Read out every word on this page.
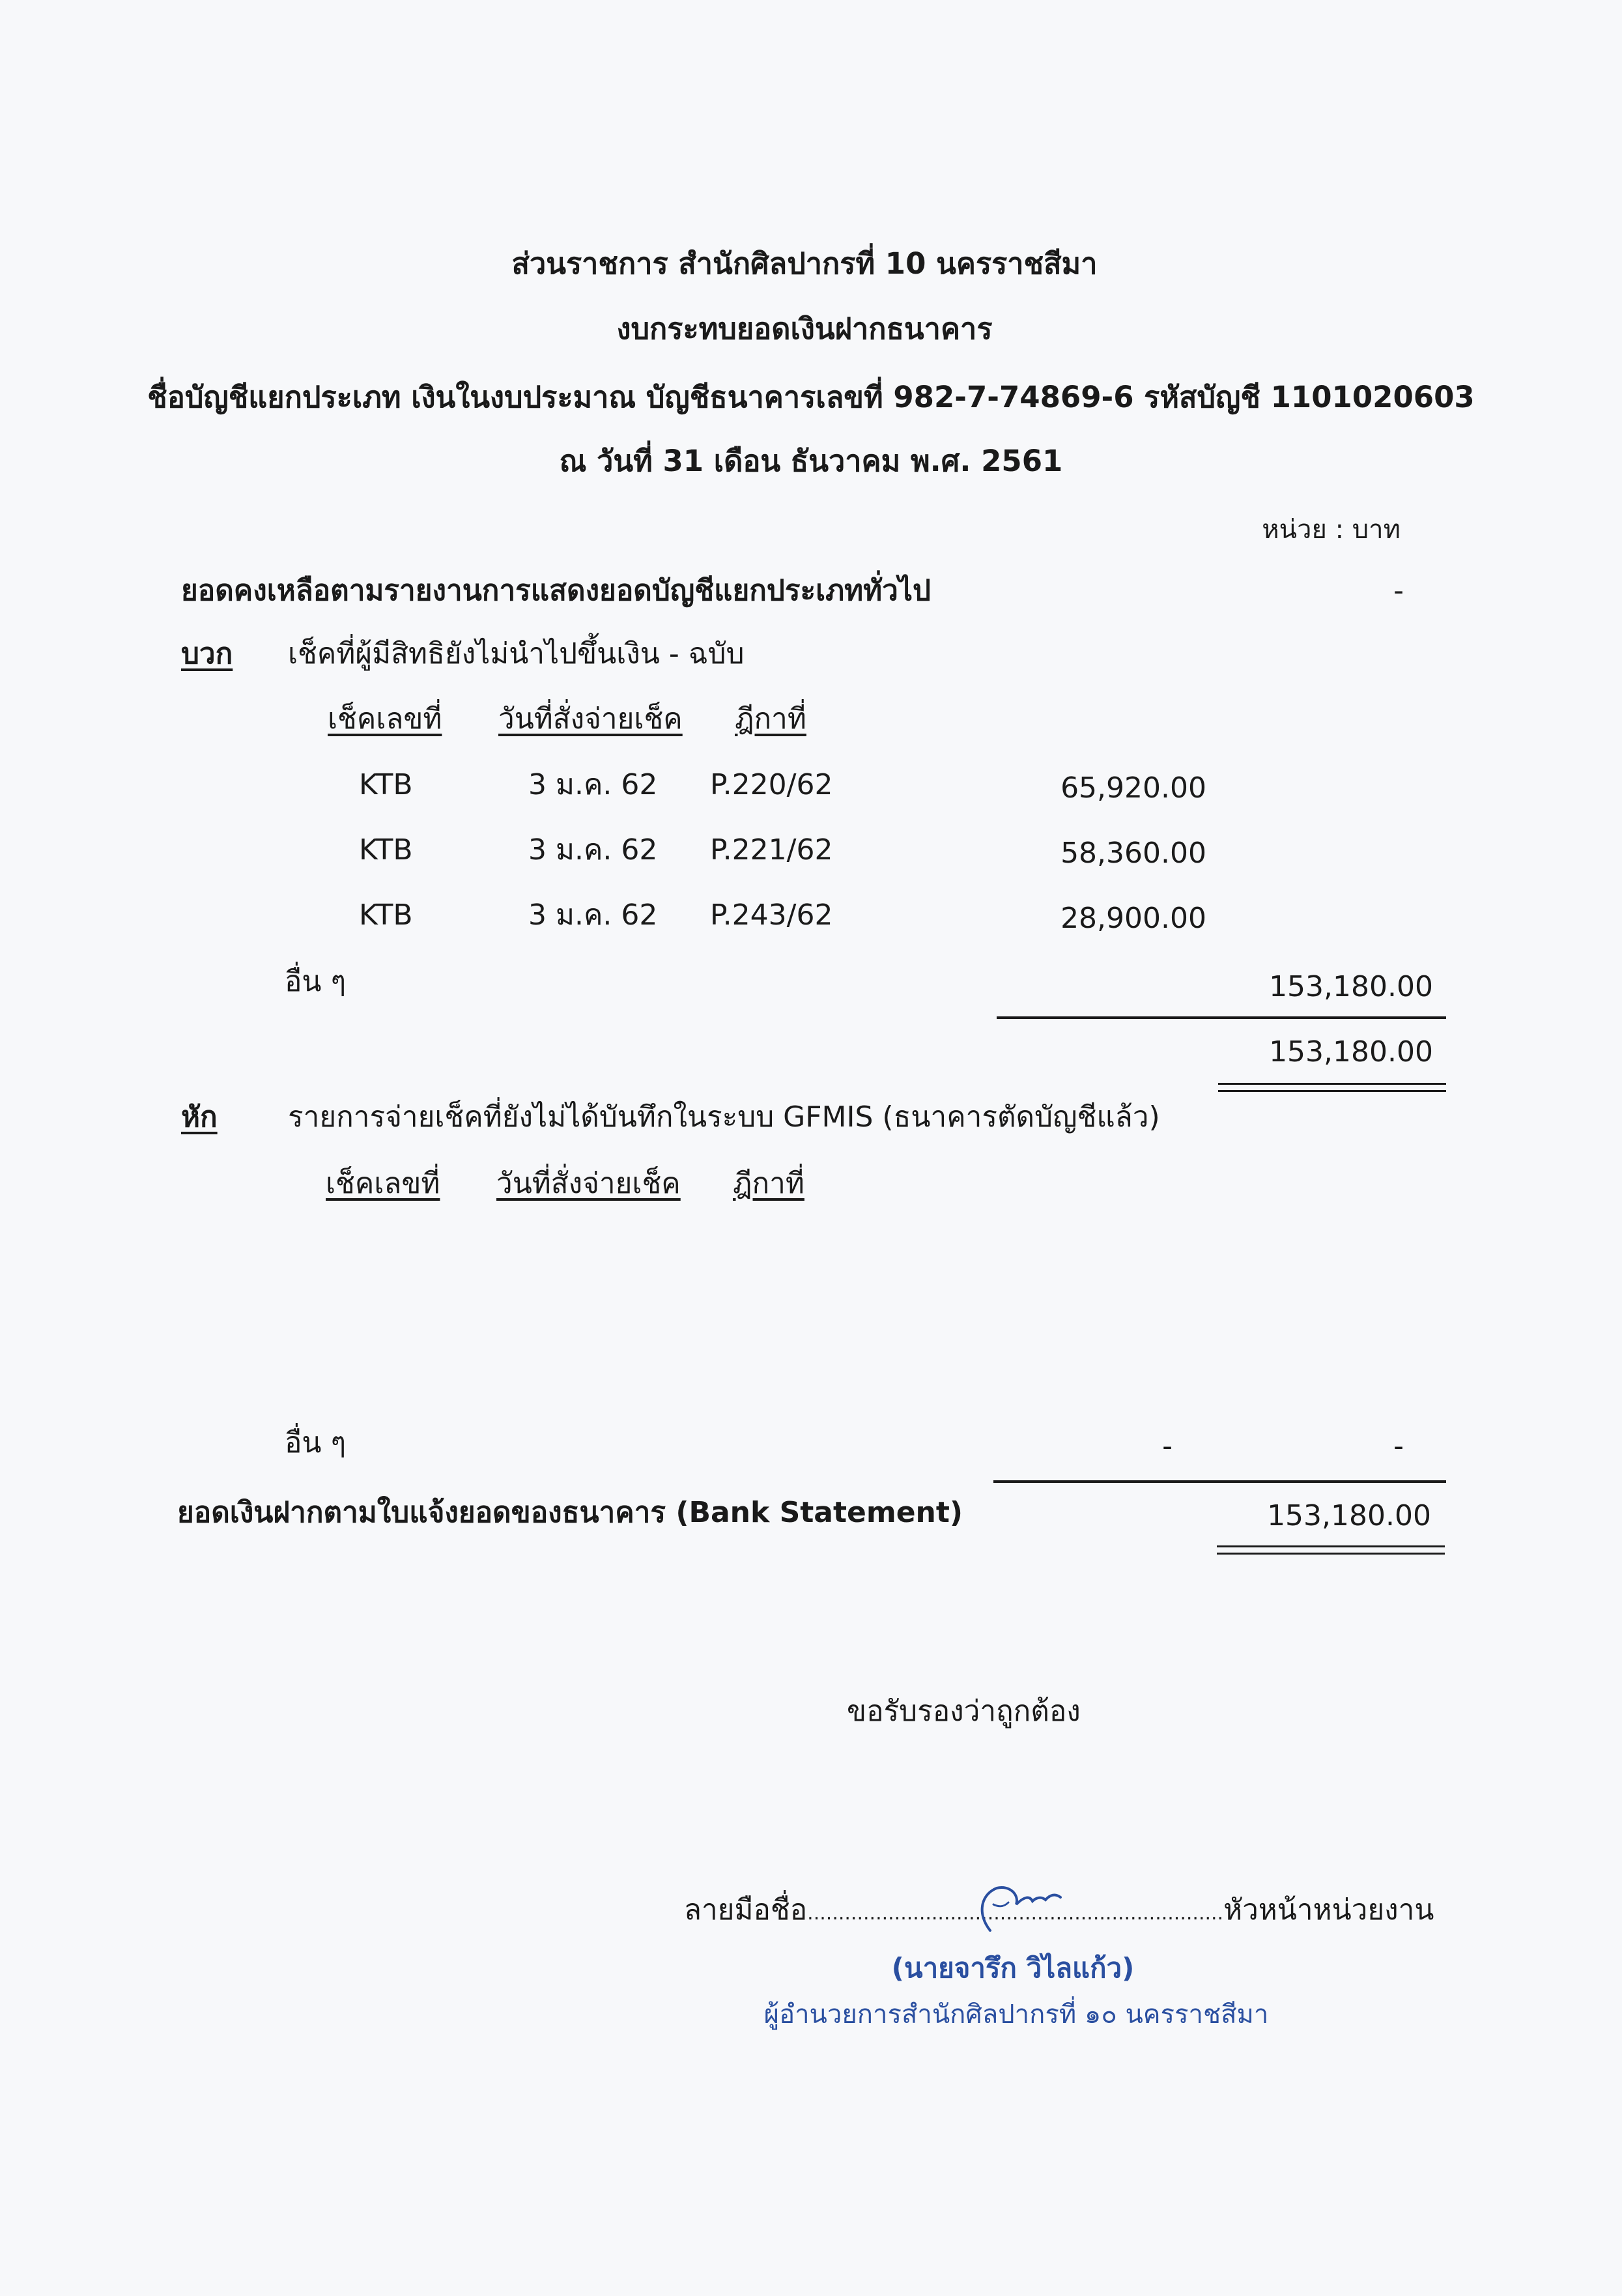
ส่วนราชการ สำนักศิลปากรที่ 10 นครราชสีมา
งบกระทบยอดเงินฝากธนาคาร
ชื่อบัญชีแยกประเภท เงินในงบประมาณ บัญชีธนาคารเลขที่ 982-7-74869-6 รหัสบัญชี 1101020603
ณ วันที่ 31 เดือน ธันวาคม พ.ศ. 2561
หน่วย : บาท
ยอดคงเหลือตามรายงานการแสดงยอดบัญชีแยกประเภททั่วไป	-
บวก เช็คที่ผู้มีสิทธิยังไม่นำไปขึ้นเงิน - ฉบับ
เช็คเลขที่ วันที่สั่งจ่ายเช็ค ฎีกาที่
KTB	3 ม.ค. 62 P.220/62	65,920.00
KTB	3 ม.ค. 62 P.221/62	58,360.00
KTB	3 ม.ค. 62 P.243/62	28,900.00
อื่น ๆ	153,180.00
153,180.00
หัก รายการจ่ายเช็คที่ยังไม่ได้บันทึกในระบบ GFMIS (ธนาคารตัดบัญชีแล้ว)
เช็คเลขที่ วันที่สั่งจ่ายเช็ค ฎีกาที่
อื่น ๆ	-	-
ยอดเงินฝากตามใบแจ้งยอดของธนาคาร (Bank Statement)	153,180.00
ขอรับรองว่าถูกต้อง
ลายมือชื่อ...................................................................หัวหน้าหน่วยงาน
(นายจารึก วิไลแก้ว)
ผู้อำนวยการสำนักศิลปากรที่ ๑๐ นครราชสีมา
